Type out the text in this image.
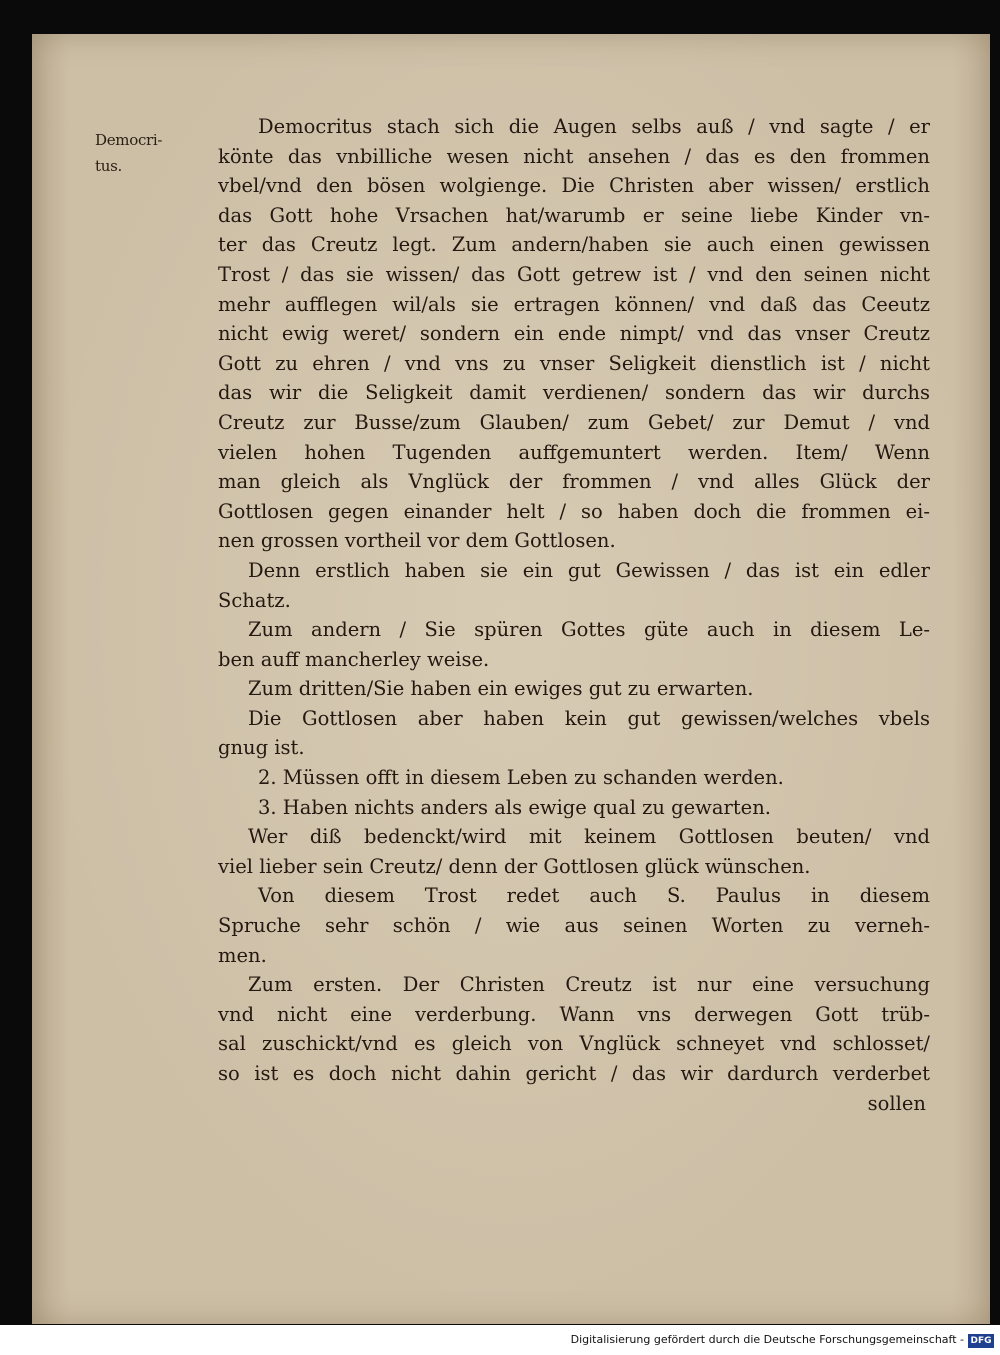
Democri-
tus.
Democritus stach sich die Augen selbs auß / vnd sagte / er
könte das vnbilliche wesen nicht ansehen / das es den frommen
vbel/vnd den bösen wolgienge. Die Christen aber wissen/ erstlich
das Gott hohe Vrsachen hat/warumb er seine liebe Kinder vn-
ter das Creutz legt. Zum andern/haben sie auch einen gewissen
Trost / das sie wissen/ das Gott getrew ist / vnd den seinen nicht
mehr aufflegen wil/als sie ertragen können/ vnd daß das Ceeutz
nicht ewig weret/ sondern ein ende nimpt/ vnd das vnser Creutz
Gott zu ehren / vnd vns zu vnser Seligkeit dienstlich ist / nicht
das wir die Seligkeit damit verdienen/ sondern das wir durchs
Creutz zur Busse/zum Glauben/ zum Gebet/ zur Demut / vnd
vielen hohen Tugenden auffgemuntert werden. Item/ Wenn
man gleich als Vnglück der frommen / vnd alles Glück der
Gottlosen gegen einander helt / so haben doch die frommen ei-
nen grossen vortheil vor dem Gottlosen.
Denn erstlich haben sie ein gut Gewissen / das ist ein edler
Schatz.
Zum andern / Sie spüren Gottes güte auch in diesem Le-
ben auff mancherley weise.
Zum dritten/Sie haben ein ewiges gut zu erwarten.
Die Gottlosen aber haben kein gut gewissen/welches vbels
gnug ist.
2. Müssen offt in diesem Leben zu schanden werden.
3. Haben nichts anders als ewige qual zu gewarten.
Wer diß bedenckt/wird mit keinem Gottlosen beuten/ vnd
viel lieber sein Creutz/ denn der Gottlosen glück wünschen.
Von diesem Trost redet auch S. Paulus in diesem
Spruche sehr schön / wie aus seinen Worten zu verneh-
men.
Zum ersten. Der Christen Creutz ist nur eine versuchung
vnd nicht eine verderbung. Wann vns derwegen Gott trüb-
sal zuschickt/vnd es gleich von Vnglück schneyet vnd schlosset/
so ist es doch nicht dahin gericht / das wir dardurch verderbet
sollen
Digitalisierung gefördert durch die Deutsche Forschungsgemeinschaft - DFG
